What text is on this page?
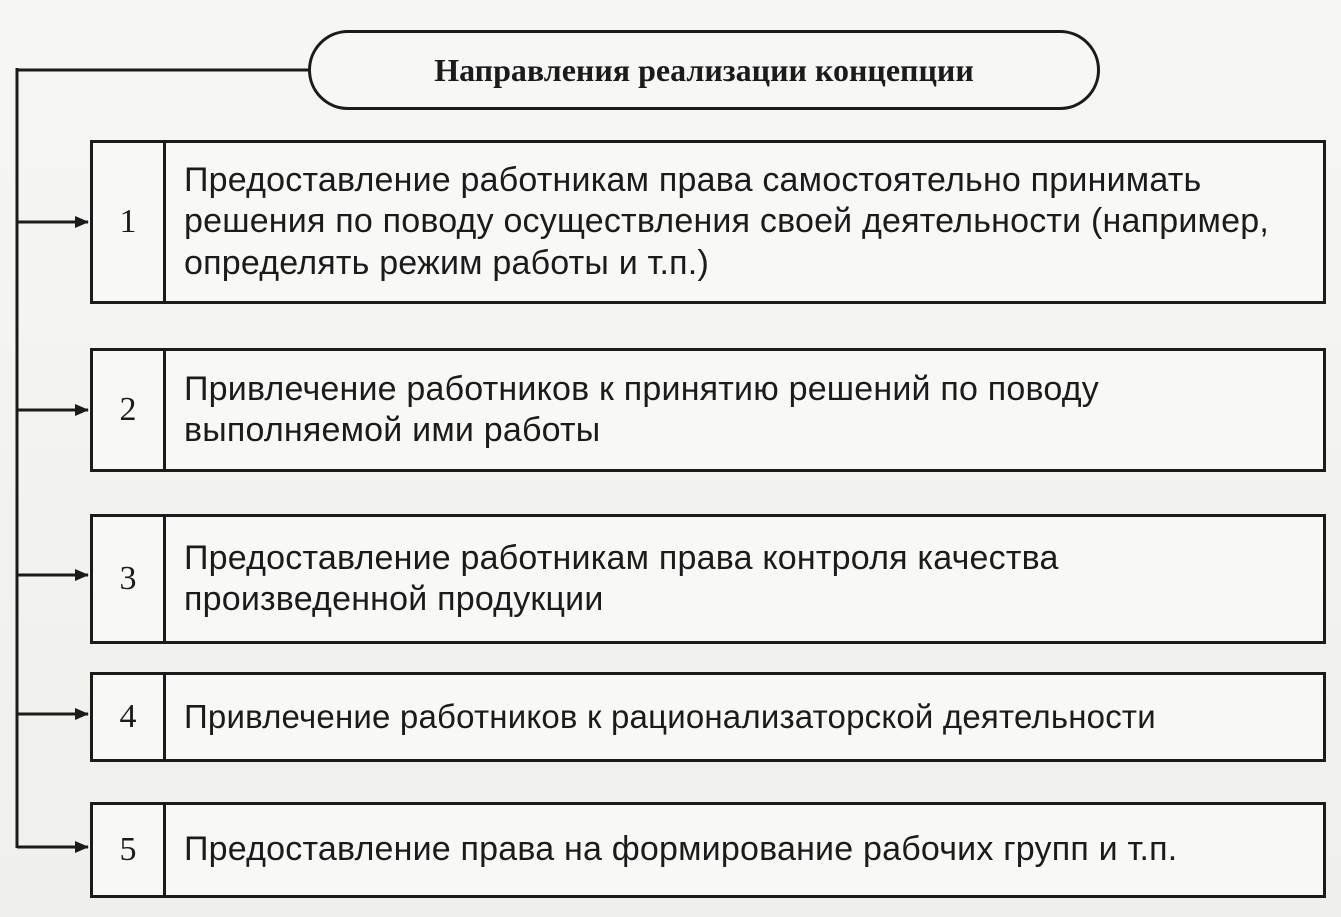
Направления реализации концепции
1
Предоставление работникам права самостоятельно принимать решения по поводу осуществления своей деятельности (например, определять режим работы и т.п.)
2
Привлечение работников к принятию решений по поводу выполняемой ими работы
3
Предоставление работникам права контроля качества произведенной продукции
4	Привлечение работников к рационализаторской деятельности
5	Предоставление права на формирование рабочих групп и т.п.
